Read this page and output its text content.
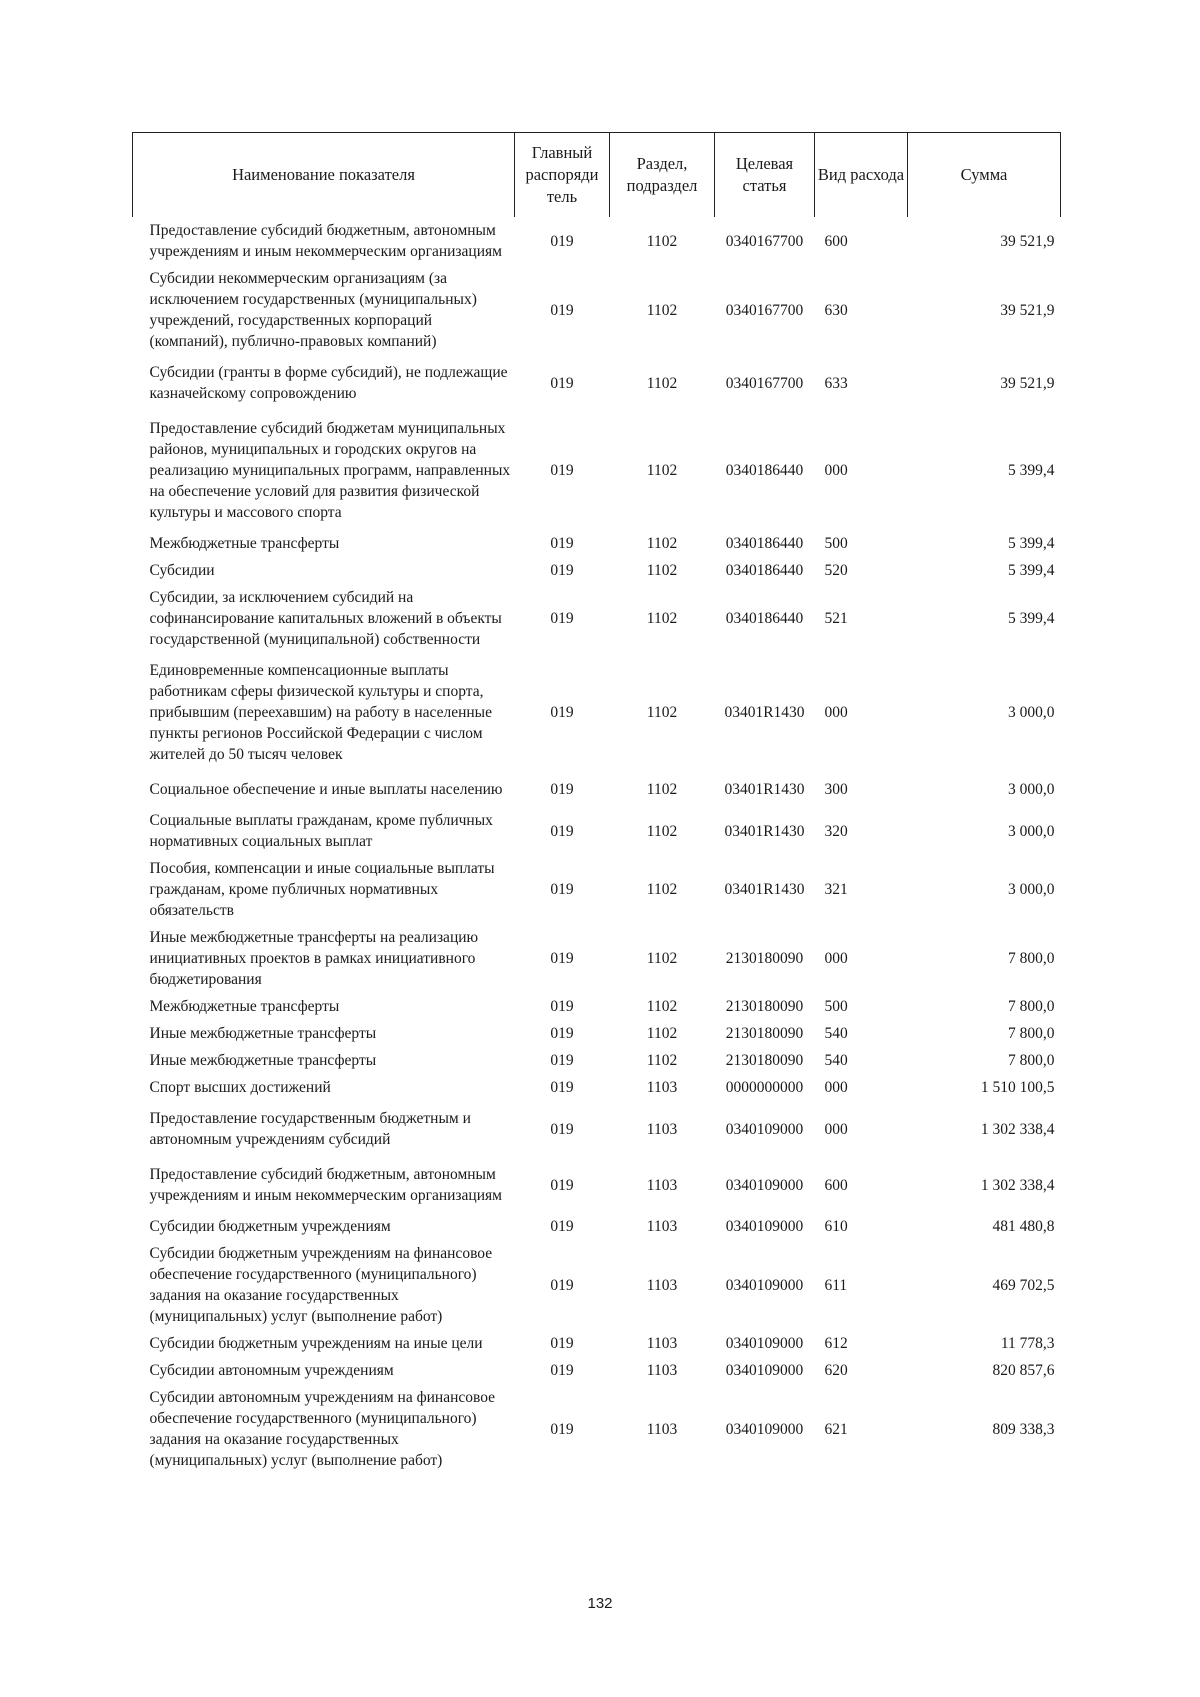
Наименование показателя	Главный распоряди тель	Раздел, подраздел	Целевая статья	Вид расхода	Сумма
Предоставление субсидий бюджетным, автономным учреждениям и иным некоммерческим организациям	019	1102	0340167700	600	39 521,9
Субсидии некоммерческим организациям (за исключением государственных (муниципальных) учреждений, государственных корпораций (компаний), публично-правовых компаний)	019	1102	0340167700	630	39 521,9
Субсидии (гранты в форме субсидий), не подлежащие казначейскому сопровождению	019	1102	0340167700	633	39 521,9
Предоставление субсидий бюджетам муниципальных районов, муниципальных и городских округов на реализацию муниципальных программ, направленных на обеспечение условий для развития физической культуры и массового спорта	019	1102	0340186440	000	5 399,4
Межбюджетные трансферты	019	1102	0340186440	500	5 399,4
Субсидии	019	1102	0340186440	520	5 399,4
Субсидии, за исключением субсидий на софинансирование капитальных вложений в объекты государственной (муниципальной) собственности	019	1102	0340186440	521	5 399,4
Единовременные компенсационные выплаты работникам сферы физической культуры и спорта, прибывшим (переехавшим) на работу в населенные пункты регионов Российской Федерации с числом жителей до 50 тысяч человек	019	1102	03401R1430	000	3 000,0
Социальное обеспечение и иные выплаты населению	019	1102	03401R1430	300	3 000,0
Социальные выплаты гражданам, кроме публичных нормативных социальных выплат	019	1102	03401R1430	320	3 000,0
Пособия, компенсации и иные социальные выплаты гражданам, кроме публичных нормативных обязательств	019	1102	03401R1430	321	3 000,0
Иные межбюджетные трансферты на реализацию инициативных проектов в рамках инициативного бюджетирования	019	1102	2130180090	000	7 800,0
Межбюджетные трансферты	019	1102	2130180090	500	7 800,0
Иные межбюджетные трансферты	019	1102	2130180090	540	7 800,0
Иные межбюджетные трансферты	019	1102	2130180090	540	7 800,0
Спорт высших достижений	019	1103	0000000000	000	1 510 100,5
Предоставление государственным бюджетным и автономным учреждениям субсидий	019	1103	0340109000	000	1 302 338,4
Предоставление субсидий бюджетным, автономным учреждениям и иным некоммерческим организациям	019	1103	0340109000	600	1 302 338,4
Субсидии бюджетным учреждениям	019	1103	0340109000	610	481 480,8
Субсидии бюджетным учреждениям на финансовое обеспечение государственного (муниципального) задания на оказание государственных (муниципальных) услуг (выполнение работ)	019	1103	0340109000	611	469 702,5
Субсидии бюджетным учреждениям на иные цели	019	1103	0340109000	612	11 778,3
Субсидии автономным учреждениям	019	1103	0340109000	620	820 857,6
Субсидии автономным учреждениям на финансовое обеспечение государственного (муниципального) задания на оказание государственных (муниципальных) услуг (выполнение работ)	019	1103	0340109000	621	809 338,3
132
